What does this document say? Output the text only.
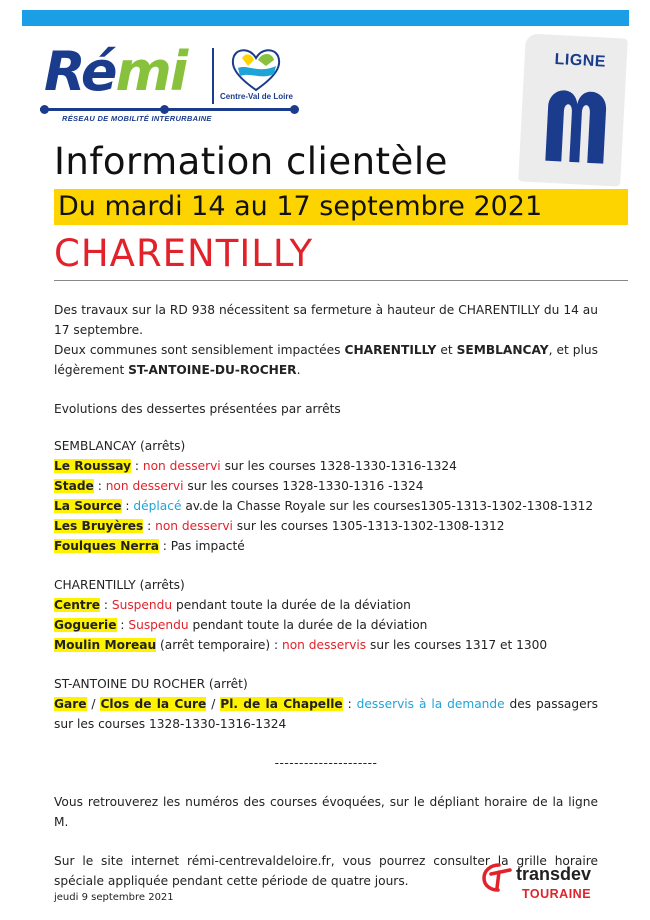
Rémi	Centre-Val de Loire
RÉSEAU DE MOBILITÉ INTERURBAINE
LIGNE
Information clientèle
Du mardi 14 au 17 septembre 2021
CHARENTILLY

Des travaux sur la RD 938 nécessitent sa fermeture à hauteur de CHARENTILLY du 14 au 17 septembre.

Deux communes sont sensiblement impactées CHARENTILLY et SEMBLANCAY, et plus légèrement ST-ANTOINE-DU-ROCHER.

Evolutions des dessertes présentées par arrêts

SEMBLANCAY (arrêts)

Le Roussay : non desservi sur les courses 1328-1330-1316-1324

Stade : non desservi sur les courses 1328-1330-1316 -1324

La Source : déplacé av.de la Chasse Royale sur les courses1305-1313-1302-1308-1312

Les Bruyères : non desservi sur les courses 1305-1313-1302-1308-1312

Foulques Nerra : Pas impacté

CHARENTILLY (arrêts)

Centre : Suspendu pendant toute la durée de la déviation

Goguerie : Suspendu pendant toute la durée de la déviation

Moulin Moreau (arrêt temporaire) : non desservis sur les courses 1317 et 1300

ST-ANTOINE DU ROCHER (arrêt)

Gare / Clos de la Cure / Pl. de la Chapelle : desservis à la demande des passagers sur les courses 1328-1330-1316-1324

---------------------

Vous retrouverez les numéros des courses évoquées, sur le dépliant horaire de la ligne M.

Sur le site internet rémi-centrevaldeloire.fr, vous pourrez consulter la grille horaire spéciale appliquée pendant cette période de quatre jours.

jeudi 9 septembre 2021
transdev
TOURAINE
